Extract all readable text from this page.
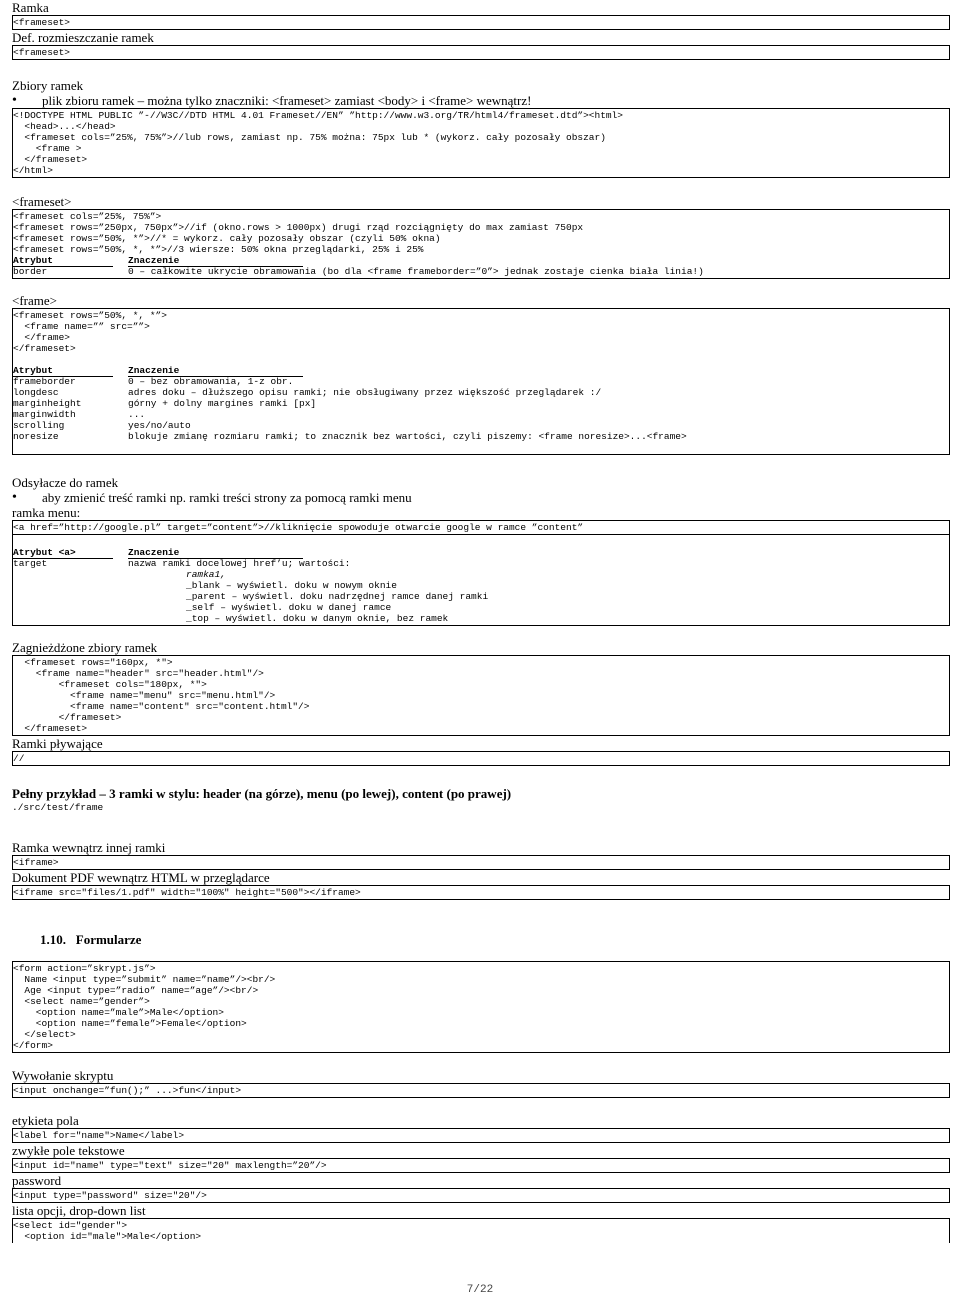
Ramka

<frameset>

Def. rozmieszczanie ramek

<frameset>

Zbiory ramek

• plik zbioru ramek – można tylko znaczniki: <frameset> zamiast <body> i <frame> wewnątrz!
<!DOCTYPE HTML PUBLIC ”-//W3C//DTD HTML 4.01 Frameset//EN” ”http://www.w3.org/TR/html4/frameset.dtd”><html>
<head>...</head>
<frameset cols=”25%, 75%”>//lub rows, zamiast np. 75% można: 75px lub * (wykorz. cały pozosały obszar)
<frame >
</frameset>
</html>

<frameset>

<frameset cols=”25%, 75%”>
<frameset rows=”250px, 750px”>//if (okno.rows > 1000px) drugi rząd rozciągnięty do max zamiast 750px
<frameset rows=”50%, *”>//* = wykorz. cały pozosały obszar (czyli 50% okna)
<frameset rows=”50%, *, *”>//3 wiersze: 50% okna przeglądarki, 25% i 25%
Atrybut	Znaczenie
border	0 – całkowite ukrycie obramowania (bo dla <frame frameborder=”0”> jednak zostaje cienka biała linia!)

<frame>

<frameset rows=”50%, *, *”>
<frame name=”” src=””>
</frame>
</frameset>

Atrybut	Znaczenie
frameborder	0 – bez obramowania, 1-z obr.
longdesc	adres doku – dłuższego opisu ramki; nie obsługiwany przez większość przeglądarek :/
marginheight	górny + dolny margines ramki [px]
marginwidth	...
scrolling	yes/no/auto
noresize	blokuje zmianę rozmiaru ramki; to znacznik bez wartości, czyli piszemy: <frame noresize>...<frame>

Odsyłacze do ramek

• aby zmienić treść ramki np. ramki treści strony za pomocą ramki menu

ramka menu:

<a href=”http://google.pl” target=”content”>//kliknięcie spowoduje otwarcie google w ramce ”content”

Atrybut <a>	Znaczenie
target	nazwa ramki docelowej href’u; wartości:
ramka1,
_blank – wyświetl. doku w nowym oknie
_parent – wyświetl. doku nadrzędnej ramce danej ramki
_self – wyświetl. doku w danej ramce
_top – wyświetl. doku w danym oknie, bez ramek

Zagnieżdżone zbiory ramek

<frameset rows="160px, *">
<frame name="header" src="header.html"/>
<frameset cols="180px, *">
<frame name="menu" src="menu.html"/>
<frame name="content" src="content.html"/>
</frameset>
</frameset>

Ramki pływające

//

Pełny przykład – 3 ramki w stylu: header (na górze), menu (po lewej), content (po prawej)

./src/test/frame

Ramka wewnątrz innej ramki

<iframe>

Dokument PDF wewnątrz HTML w przeglądarce

<iframe src="files/1.pdf" width="100%" height="500"></iframe>

1.10. Formularze

<form action=”skrypt.js”>
Name <input type=”submit” name=”name”/><br/>
Age <input type=”radio” name=”age”/><br/>
<select name=”gender”>
<option name=”male”>Male</option>
<option name=”female”>Female</option>
</select>
</form>

Wywołanie skryptu

<input onchange=”fun();” ...>fun</input>

etykieta pola

<label for="name">Name</label>

zwykłe pole tekstowe

<input id="name" type="text" size="20" maxlength=”20”/>

password

<input type="password" size="20"/>

lista opcji, drop-down list

<select id="gender">
<option id="male">Male</option>
7/22
